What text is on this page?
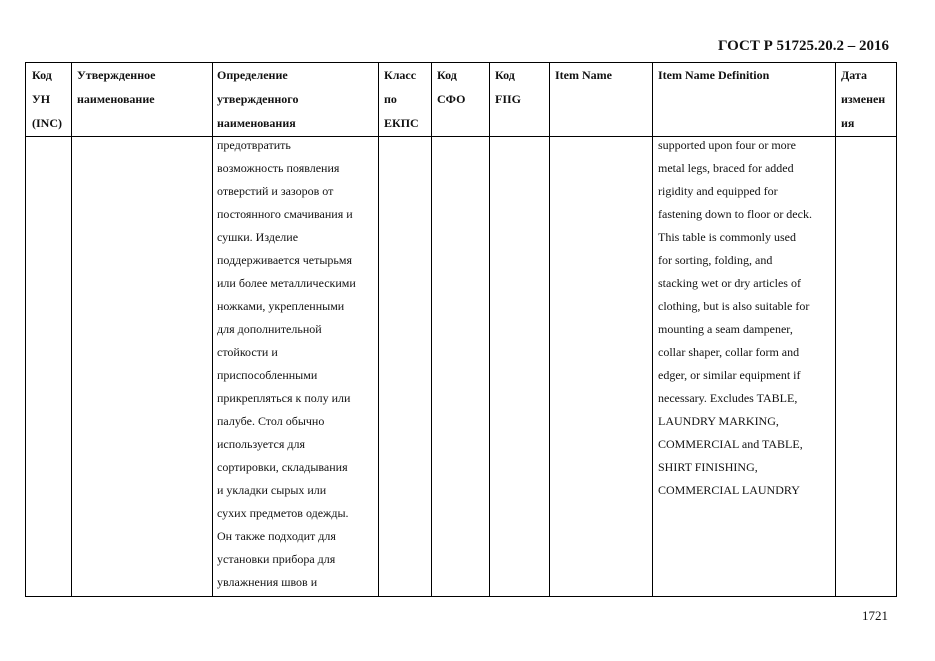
ГОСТ Р 51725.20.2 – 2016
Код
УН
(INC)
Утвержденное
наименование
Определение
утвержденного
наименования
Класс
по
ЕКПС
Код
СФО
Код
FIIG
Item Name	Item Name Definition	Дата
изменен
ия
предотвратить
возможность появления
отверстий и зазоров от
постоянного смачивания и
сушки. Изделие
поддерживается четырьмя
или более металлическими
ножками, укрепленными
для дополнительной
стойкости и
приспособленными
прикрепляться к полу или
палубе. Стол обычно
используется для
сортировки, складывания
и укладки сырых или
сухих предметов одежды.
Он также подходит для
установки прибора для
увлажнения швов и
supported upon four or more
metal legs, braced for added
rigidity and equipped for
fastening down to floor or deck.
This table is commonly used
for sorting, folding, and
stacking wet or dry articles of
clothing, but is also suitable for
mounting a seam dampener,
collar shaper, collar form and
edger, or similar equipment if
necessary. Excludes TABLE,
LAUNDRY MARKING,
COMMERCIAL and TABLE,
SHIRT FINISHING,
COMMERCIAL LAUNDRY
1721
